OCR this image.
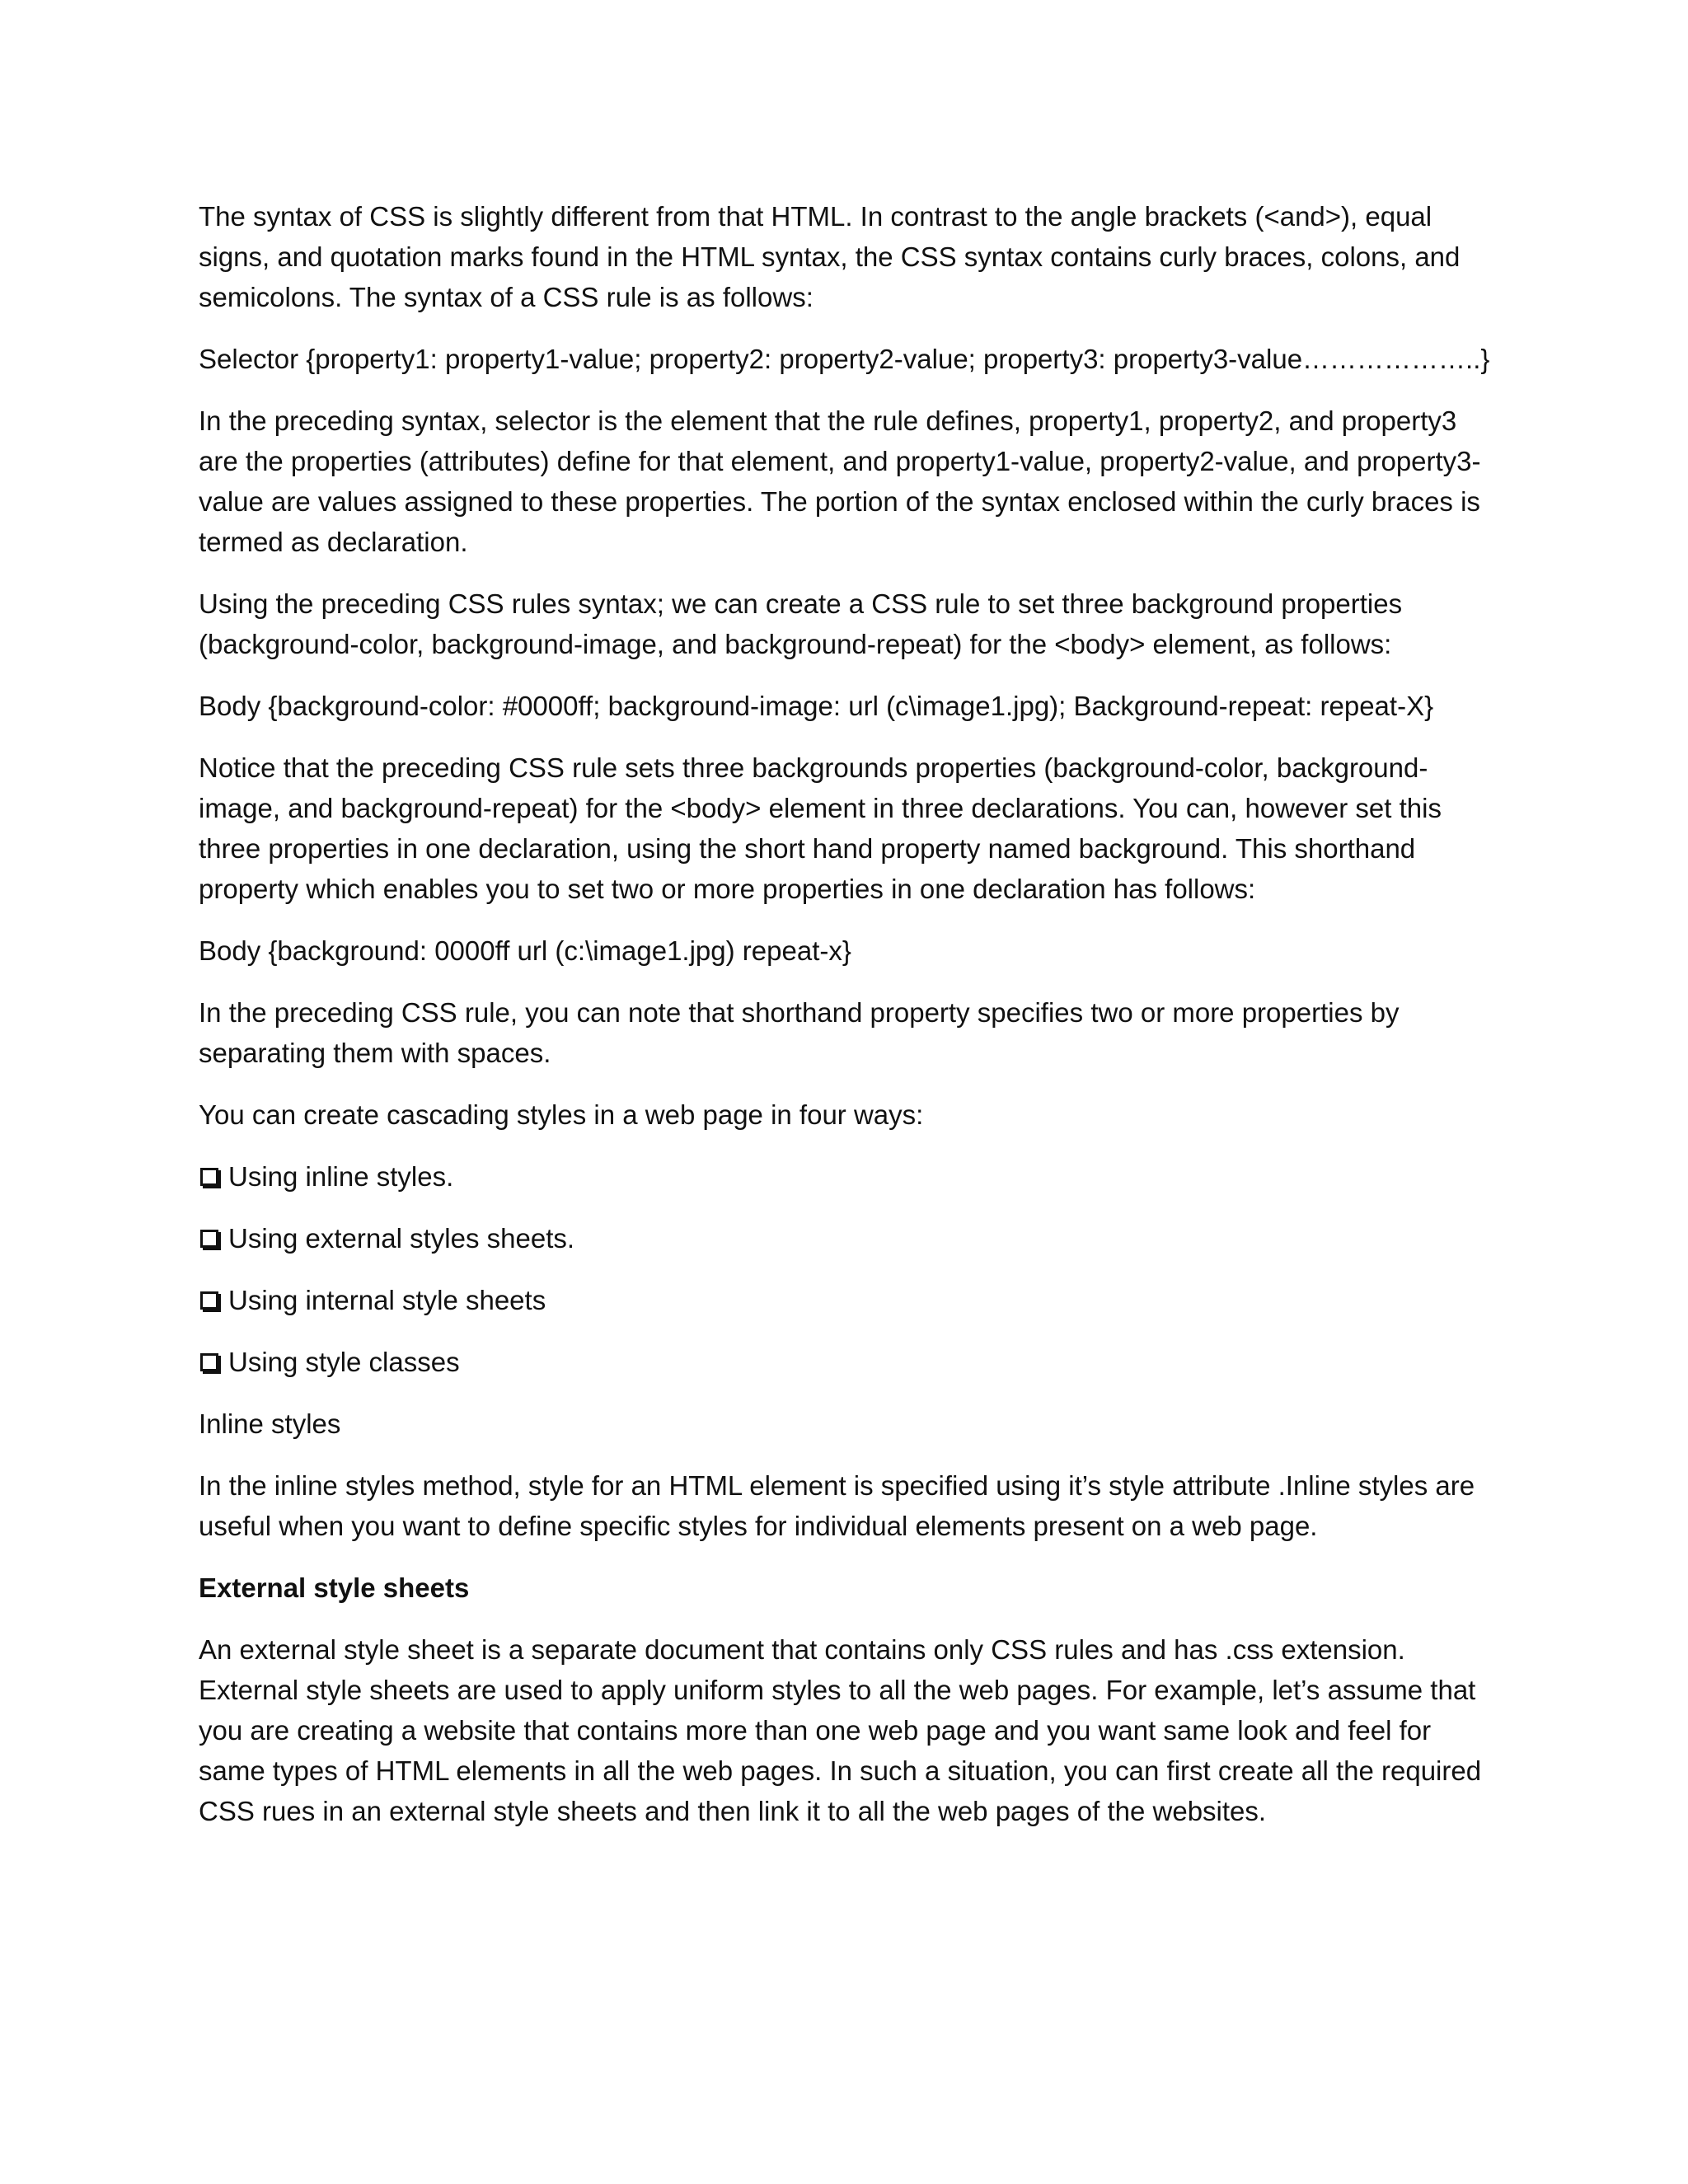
The syntax of CSS is slightly different from that HTML. In contrast to the angle brackets (<and>), equal signs, and quotation marks found in the HTML syntax, the CSS syntax contains curly braces, colons, and semicolons. The syntax of a CSS rule is as follows:

Selector {property1: property1-value; property2: property2-value; property3: property3-value………………..}

In the preceding syntax, selector is the element that the rule defines, property1, property2, and property3 are the properties (attributes) define for that element, and property1-value, property2-value, and property3-value are values assigned to these properties. The portion of the syntax enclosed within the curly braces is termed as declaration.

Using the preceding CSS rules syntax; we can create a CSS rule to set three background properties (background-color, background-image, and background-repeat) for the <body> element, as follows:

Body {background-color: #0000ff; background-image: url (c\image1.jpg); Background-repeat: repeat-X}

Notice that the preceding CSS rule sets three backgrounds properties (background-color, background-image, and background-repeat) for the <body> element in three declarations. You can, however set this three properties in one declaration, using the short hand property named background. This shorthand property which enables you to set two or more properties in one declaration has follows:

Body {background: 0000ff url (c:\image1.jpg) repeat-x}

In the preceding CSS rule, you can note that shorthand property specifies two or more properties by separating them with spaces.

You can create cascading styles in a web page in four ways:

Using inline styles.
Using external styles sheets.
Using internal style sheets
Using style classes

Inline styles

In the inline styles method, style for an HTML element is specified using it’s style attribute .Inline styles are useful when you want to define specific styles for individual elements present on a web page.

External style sheets

An external style sheet is a separate document that contains only CSS rules and has .css extension. External style sheets are used to apply uniform styles to all the web pages. For example, let’s assume that you are creating a website that contains more than one web page and you want same look and feel for same types of HTML elements in all the web pages. In such a situation, you can first create all the required CSS rues in an external style sheets and then link it to all the web pages of the websites.
